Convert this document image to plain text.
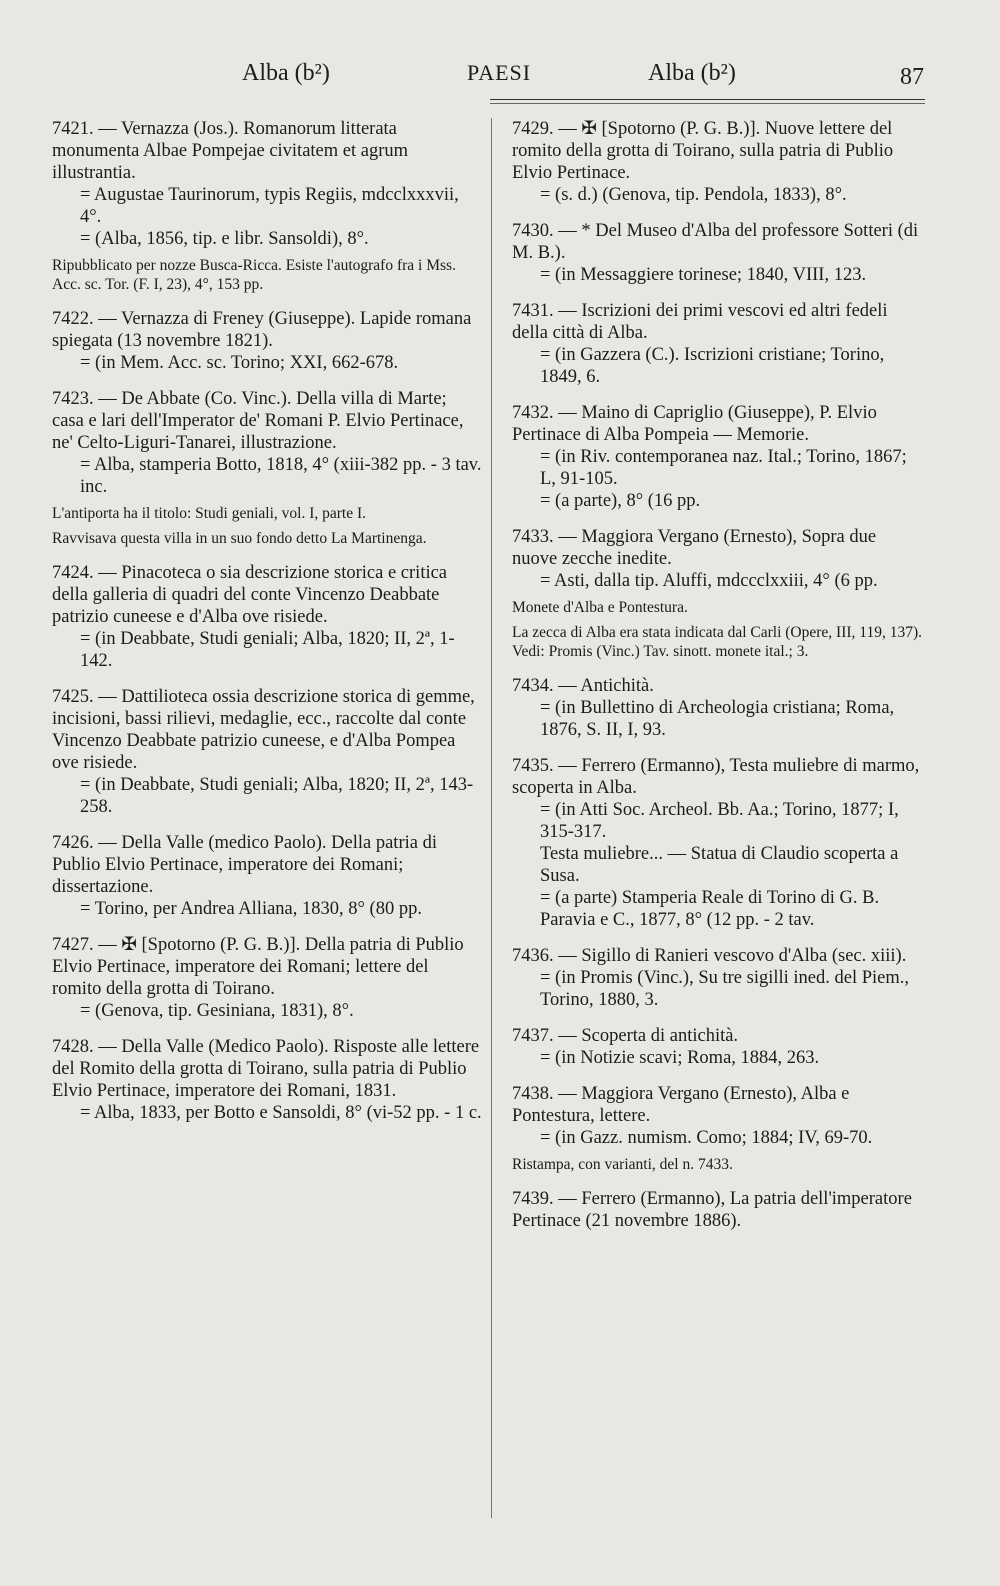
Alba (b²)	PAESI	Alba (b²)	87

7421. — Vernazza (Jos.). Romanorum litterata monumenta Albae Pompejae civitatem et agrum illustrantia.

= Augustae Taurinorum, typis Regiis, mdcclxxxvii, 4°.

= (Alba, 1856, tip. e libr. Sansoldi), 8°.

Ripubblicato per nozze Busca-Ricca. Esiste l'autografo fra i Mss. Acc. sc. Tor. (F. I, 23), 4°, 153 pp.

7422. — Vernazza di Freney (Giuseppe). Lapide romana spiegata (13 novembre 1821).

= (in Mem. Acc. sc. Torino; XXI, 662-678.

7423. — De Abbate (Co. Vinc.). Della villa di Marte; casa e lari dell'Imperator de' Romani P. Elvio Pertinace, ne' Celto-Liguri-Tanarei, illustrazione.

= Alba, stamperia Botto, 1818, 4° (xiii-382 pp. - 3 tav. inc.

L'antiporta ha il titolo: Studi geniali, vol. I, parte I.

Ravvisava questa villa in un suo fondo detto La Martinenga.

7424. — Pinacoteca o sia descrizione storica e critica della galleria di quadri del conte Vincenzo Deabbate patrizio cuneese e d'Alba ove risiede.

= (in Deabbate, Studi geniali; Alba, 1820; II, 2ª, 1-142.

7425. — Dattilioteca ossia descrizione storica di gemme, incisioni, bassi rilievi, medaglie, ecc., raccolte dal conte Vincenzo Deabbate patrizio cuneese, e d'Alba Pompea ove risiede.

= (in Deabbate, Studi geniali; Alba, 1820; II, 2ª, 143-258.

7426. — Della Valle (medico Paolo). Della patria di Publio Elvio Pertinace, imperatore dei Romani; dissertazione.

= Torino, per Andrea Alliana, 1830, 8° (80 pp.

7427. — ✠ [Spotorno (P. G. B.)]. Della patria di Publio Elvio Pertinace, imperatore dei Romani; lettere del romito della grotta di Toirano.

= (Genova, tip. Gesiniana, 1831), 8°.

7428. — Della Valle (Medico Paolo). Risposte alle lettere del Romito della grotta di Toirano, sulla patria di Publio Elvio Pertinace, imperatore dei Romani, 1831.

= Alba, 1833, per Botto e Sansoldi, 8° (vi-52 pp. - 1 c.

7429. — ✠ [Spotorno (P. G. B.)]. Nuove lettere del romito della grotta di Toirano, sulla patria di Publio Elvio Pertinace.

= (s. d.) (Genova, tip. Pendola, 1833), 8°.

7430. — * Del Museo d'Alba del professore Sotteri (di M. B.).

= (in Messaggiere torinese; 1840, VIII, 123.

7431. — Iscrizioni dei primi vescovi ed altri fedeli della città di Alba.

= (in Gazzera (C.). Iscrizioni cristiane; Torino, 1849, 6.

7432. — Maino di Capriglio (Giuseppe), P. Elvio Pertinace di Alba Pompeia — Memorie.

= (in Riv. contemporanea naz. Ital.; Torino, 1867; L, 91-105.

= (a parte), 8° (16 pp.

7433. — Maggiora Vergano (Ernesto), Sopra due nuove zecche inedite.

= Asti, dalla tip. Aluffi, mdccclxxiii, 4° (6 pp.

Monete d'Alba e Pontestura.

La zecca di Alba era stata indicata dal Carli (Opere, III, 119, 137). Vedi: Promis (Vinc.) Tav. sinott. monete ital.; 3.

7434. — Antichità.

= (in Bullettino di Archeologia cristiana; Roma, 1876, S. II, I, 93.

7435. — Ferrero (Ermanno), Testa muliebre di marmo, scoperta in Alba.

= (in Atti Soc. Archeol. Bb. Aa.; Torino, 1877; I, 315-317.

Testa muliebre... — Statua di Claudio scoperta a Susa.

= (a parte) Stamperia Reale di Torino di G. B. Paravia e C., 1877, 8° (12 pp. - 2 tav.

7436. — Sigillo di Ranieri vescovo d'Alba (sec. xiii).

= (in Promis (Vinc.), Su tre sigilli ined. del Piem., Torino, 1880, 3.

7437. — Scoperta di antichità.

= (in Notizie scavi; Roma, 1884, 263.

7438. — Maggiora Vergano (Ernesto), Alba e Pontestura, lettere.

= (in Gazz. numism. Como; 1884; IV, 69-70.

Ristampa, con varianti, del n. 7433.

7439. — Ferrero (Ermanno), La patria dell'imperatore Pertinace (21 novembre 1886).
